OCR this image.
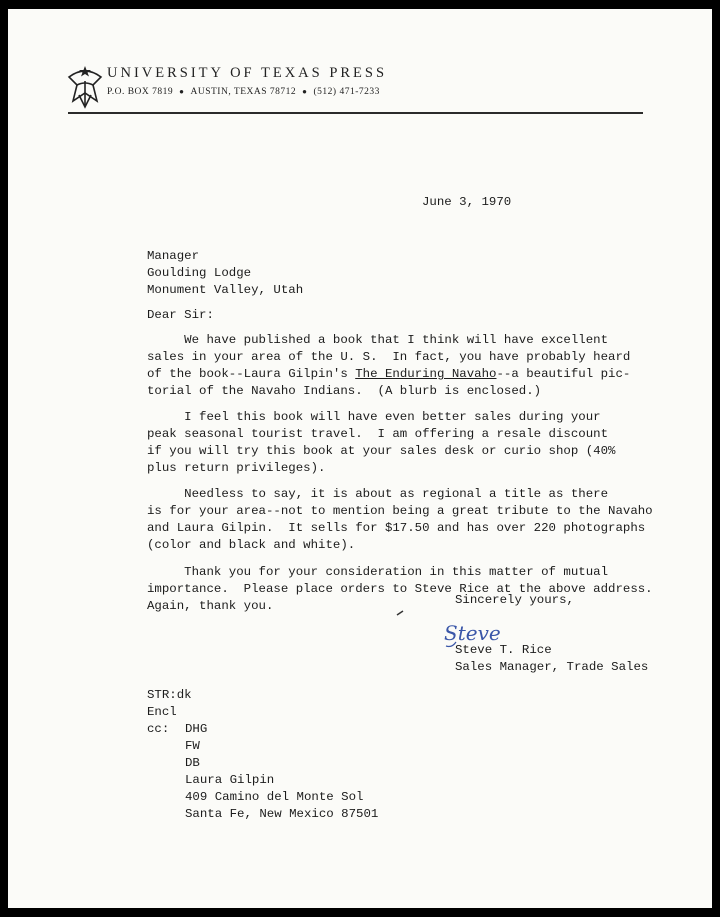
UNIVERSITY OF TEXAS PRESS
P.O. BOX 7819 ● AUSTIN, TEXAS 78712 ● (512) 471-7233
June 3, 1970
Manager
Goulding Lodge
Monument Valley, Utah
Dear Sir:
We have published a book that I think will have excellent
sales in your area of the U. S.  In fact, you have probably heard
of the book--Laura Gilpin's The Enduring Navaho--a beautiful pic-
torial of the Navaho Indians.  (A blurb is enclosed.)
I feel this book will have even better sales during your
peak seasonal tourist travel.  I am offering a resale discount
if you will try this book at your sales desk or curio shop (40%
plus return privileges).
Needless to say, it is about as regional a title as there
is for your area--not to mention being a great tribute to the Navaho
and Laura Gilpin.  It sells for $17.50 and has over 220 photographs
(color and black and white).
Thank you for your consideration in this matter of mutual
importance.  Please place orders to Steve Rice at the above address.
Again, thank you.	Sincerely yours,
Steve
Steve T. Rice
Sales Manager, Trade Sales
STR:dk
Encl
cc: DHG
FW
DB
Laura Gilpin
409 Camino del Monte Sol
Santa Fe, New Mexico 87501
